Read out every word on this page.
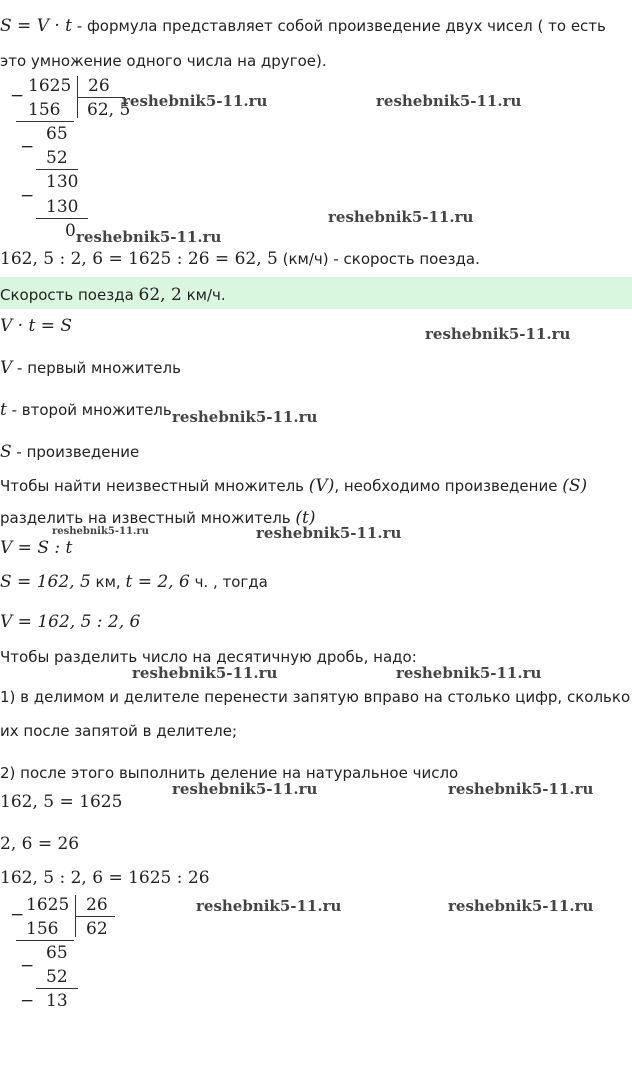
S = V · t - формула представляет собой произведение двух чисел ( то есть
это умножение одного числа на другое).
− 1625 26
156 62, 5
65
−
52
130
−
130
0
162, 5 : 2, 6 = 1625 : 26 = 62, 5 (км/ч) - скорость поезда.
Скорость поезда 62, 2 км/ч.
V · t = S
V - первый множитель
t - второй множитель
S - произведение
Чтобы найти неизвестный множитель (V), необходимо произведение (S)
разделить на известный множитель (t)
V = S : t
S = 162, 5 км, t = 2, 6 ч. , тогда
V = 162, 5 : 2, 6
Чтобы разделить число на десятичную дробь, надо:
1) в делимом и делителе перенести запятую вправо на столько цифр, сколько
их после запятой в делителе;
2) после этого выполнить деление на натуральное число
162, 5 = 1625
2, 6 = 26
162, 5 : 2, 6 = 1625 : 26
− 1625 26
156 62
65
−
52
− 13
reshebnik5-11.ru	reshebnik5-11.ru
reshebnik5-11.ru
reshebnik5-11.ru
reshebnik5-11.ru
reshebnik5-11.ru
reshebnik5-11.ru	reshebnik5-11.ru
reshebnik5-11.ru	reshebnik5-11.ru
reshebnik5-11.ru	reshebnik5-11.ru
reshebnik5-11.ru	reshebnik5-11.ru
